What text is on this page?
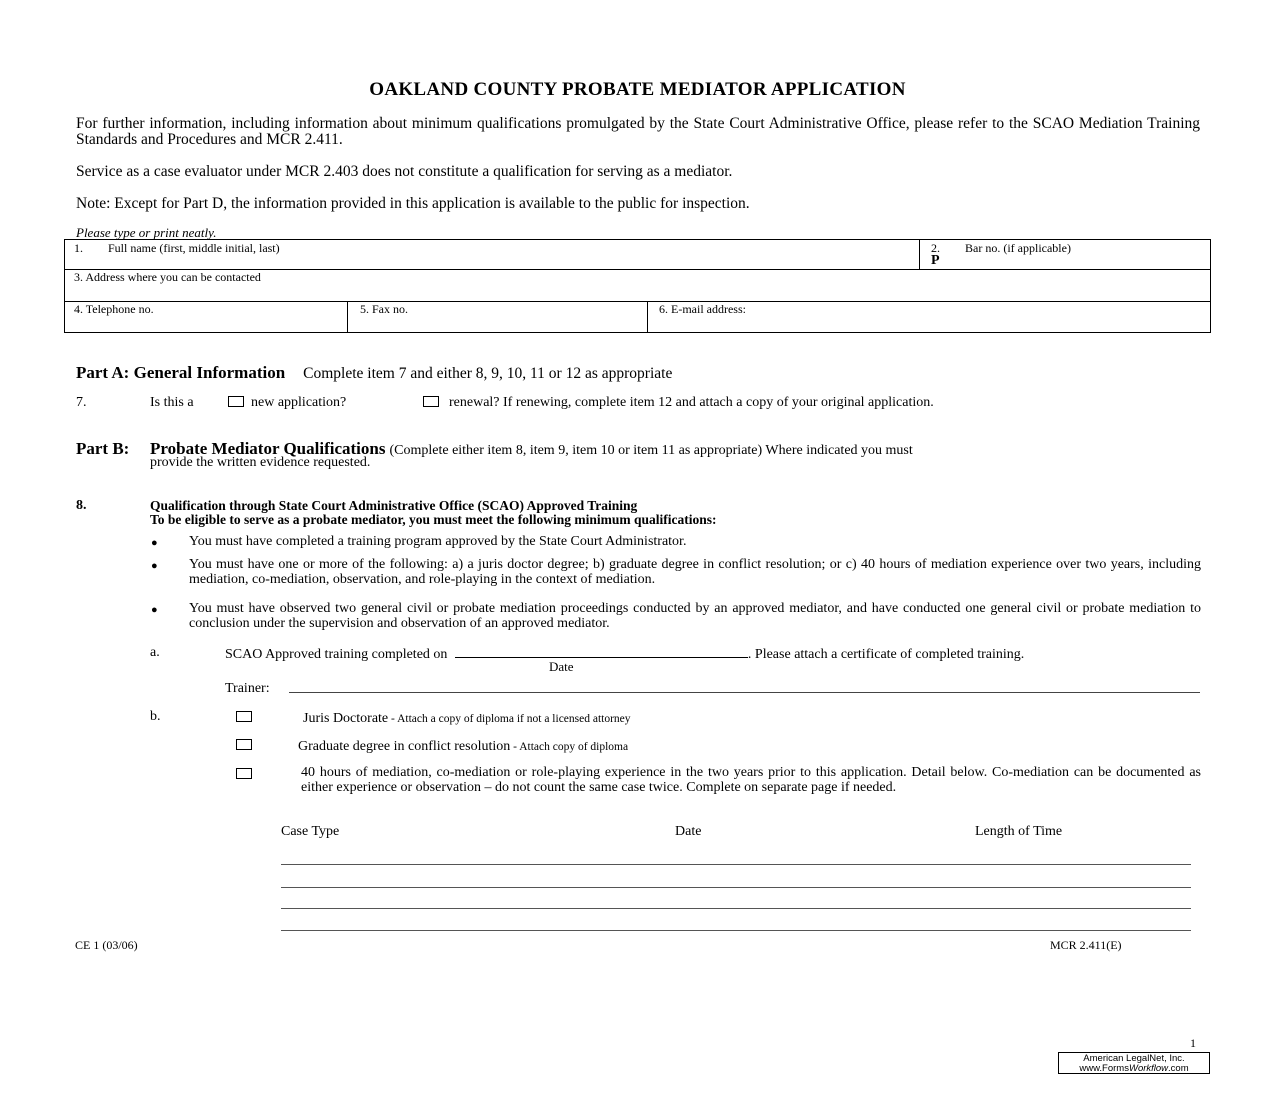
OAKLAND COUNTY PROBATE MEDIATOR APPLICATION
For further information, including information about minimum qualifications promulgated by the State Court Administrative Office, please refer to the SCAO Mediation Training Standards and Procedures and MCR 2.411.
Service as a case evaluator under MCR 2.403 does not constitute a qualification for serving as a mediator.
Note: Except for Part D, the information provided in this application is available to the public for inspection.
Please type or print neatly.
1. Full name (first, middle initial, last)	2. Bar no. (if applicable)
P
3. Address where you can be contacted
4. Telephone no.	5. Fax no.	6. E-mail address:
Part A: General Information Complete item 7 and either 8, 9, 10, 11 or 12 as appropriate
7.	Is this a	new application?	renewal? If renewing, complete item 12 and attach a copy of your original application.
Part B: Probate Mediator Qualifications (Complete either item 8, item 9, item 10 or item 11 as appropriate) Where indicated you must
provide the written evidence requested.
8.	Qualification through State Court Administrative Office (SCAO) Approved Training
To be eligible to serve as a probate mediator, you must meet the following minimum qualifications:
● You must have completed a training program approved by the State Court Administrator.
● You must have one or more of the following: a) a juris doctor degree; b) graduate degree in conflict resolution; or c) 40 hours of mediation experience over two years, including mediation, co-mediation, observation, and role-playing in the context of mediation.
● You must have observed two general civil or probate mediation proceedings conducted by an approved mediator, and have conducted one general civil or probate mediation to conclusion under the supervision and observation of an approved mediator.
a.	SCAO Approved training completed on	. Please attach a certificate of completed training.
Date
Trainer:
b.	Juris Doctorate - Attach a copy of diploma if not a licensed attorney
Graduate degree in conflict resolution - Attach copy of diploma
40 hours of mediation, co-mediation or role-playing experience in the two years prior to this application. Detail below. Co-mediation can be documented as either experience or observation – do not count the same case twice. Complete on separate page if needed.
Case Type	Date	Length of Time
CE 1 (03/06)	MCR 2.411(E)
1
American LegalNet, Inc.
www.FormsWorkflow.com
